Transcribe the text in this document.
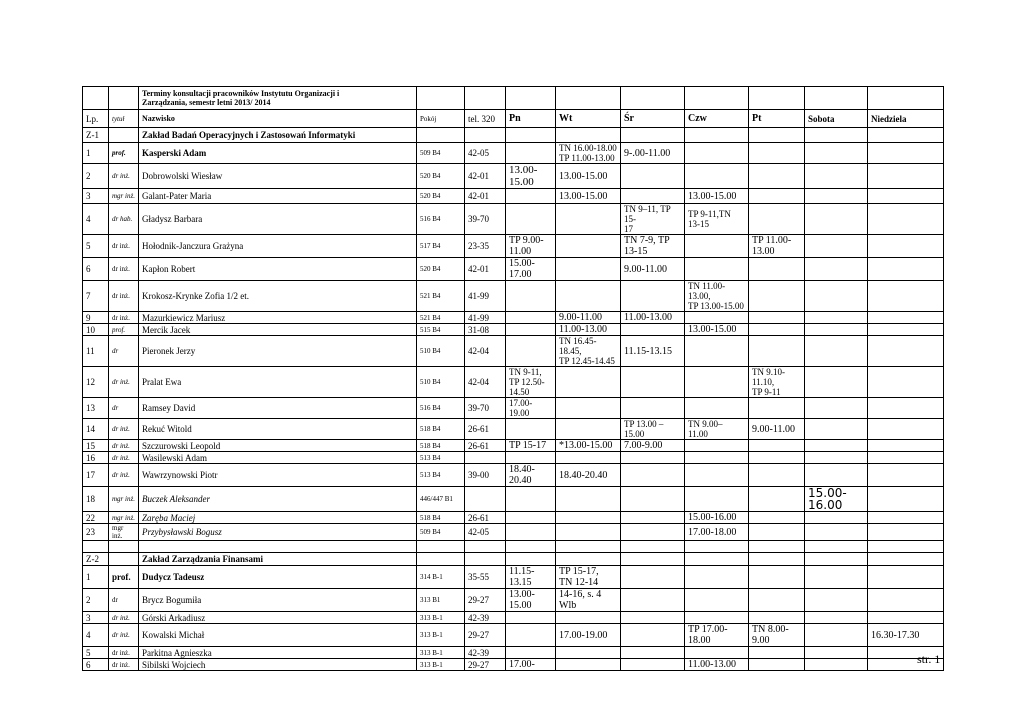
		Terminy konsultacji pracowników Instytutu Organizacji i
Zarządzania, semestr letni 2013/ 2014									
Lp.	tytuł	Nazwisko	Pokój	tel. 320	Pn	Wt	Śr	Czw	Pt	Sobota	Niedziela
Z-1		Zakład Badań Operacyjnych i Zastosowań Informatyki									
1	prof.	Kasperski Adam	509 B4	42-05		TN 16.00-18.00
TP 11.00-13.00	9-.00-11.00				
2	dr inż.	Dobrowolski Wiesław	520 B4	42-01	13.00-
15.00	13.00-15.00					
3	mgr inż.	Galant-Pater Maria	520 B4	42-01		13.00-15.00		13.00-15.00			
4	dr hab.	Gładysz Barbara	516 B4	39-70			TN 9–11, TP 15-
17	TP 9-11,TN 13-15			
5	dr inż.	Hołodnik-Janczura Grażyna	517 B4	23-35	TP 9.00-
11.00		TN 7-9, TP
13-15		TP 11.00-
13.00		
6	dr inż.	Kapłon Robert	520 B4	42-01	15.00-
17.00		9.00-11.00				
7	dr inż.	Krokosz-Krynke Zofia 1/2 et.	521 B4	41-99				TN 11.00-13.00,
TP 13.00-15.00			
9	dr inż.	Mazurkiewicz Mariusz	521 B4	41-99		9.00-11.00	11.00-13.00				
10	prof.	Mercik Jacek	515 B4	31-08		11.00-13.00		13.00-15.00			
11	dr	Pieronek Jerzy	510 B4	42-04		TN 16.45-18.45,
TP 12.45-14.45	11.15-13.15				
12	dr inż.	Pralat Ewa	510 B4	42-04	TN 9-11,
TP 12.50-
14.50				TN 9.10-11.10,
TP 9-11		
13	dr	Ramsey David	516 B4	39-70	17.00-19.00						
14	dr inż.	Rekuć Witold	518 B4	26-61			TP 13.00 –
15.00	TN 9.00–
11.00	9.00-11.00		
15	dr inż.	Szczurowski Leopold	518 B4	26-61	TP 15-17	*13.00-15.00	7.00-9.00				
16	dr inż.	Wasilewski Adam	513 B4								
17	dr inż.	Wawrzynowski Piotr	513 B4	39-00	18.40-
20.40	18.40-20.40					
18	mgr inż.	Buczek Aleksander	446/447 B1							15.00-
16.00	
22	mgr inż.	Zaręba Maciej	518 B4	26-61				15.00-16.00			
23	mgr inż.	Przybysławski Bogusz	509 B4	42-05				17.00-18.00			

Z-2		Zakład Zarządzania Finansami									
1	prof.	Dudycz Tadeusz	314 B-1	35-55	11.15-
13.15	TP 15-17,
TN 12-14					
2	dr	Brycz Bogumiła	313 B1	29-27	13.00-
15.00	14-16, s. 4
Wlb					
3	dr inż.	Górski Arkadiusz	313 B-1	42-39							
4	dr inż.	Kowalski Michał	313 B-1	29-27		17.00-19.00		TP 17.00-
18.00	TN 8.00-
9.00		16.30-17.30
5	dr inż.	Parkitna Agnieszka	313 B-1	42-39							
6	dr inż.	Sibilski Wojciech	313 B-1	29-27	17.00-			11.00-13.00				str. 1
